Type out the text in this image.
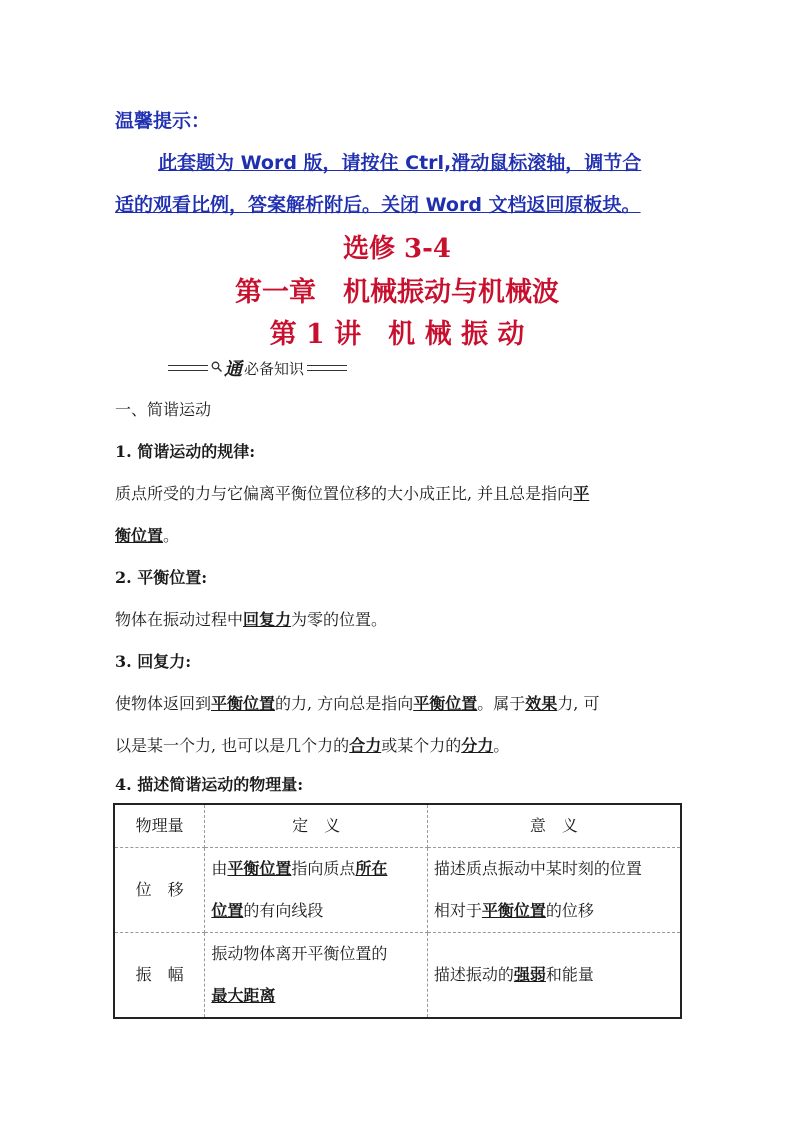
温馨提示：
此套题为 Word 版，请按住 Ctrl,滑动鼠标滚轴，调节合
适的观看比例，答案解析附后。关闭 Word 文档返回原板块。
选修 3-4
第一章　机械振动与机械波
第 1 讲　机 械 振 动
通 必备知识
一、简谐运动
1. 简谐运动的规律:
质点所受的力与它偏离平衡位置位移的大小成正比, 并且总是指向平
衡位置。
2. 平衡位置:
物体在振动过程中回复力为零的位置。
3. 回复力:
使物体返回到平衡位置的力, 方向总是指向平衡位置。属于效果力, 可
以是某一个力, 也可以是几个力的合力或某个力的分力。
4. 描述简谐运动的物理量:
物理量	定　义	意　义
位　移	由平衡位置指向质点所在
位置的有向线段	描述质点振动中某时刻的位置
相对于平衡位置的位移
振　幅	振动物体离开平衡位置的
最大距离	描述振动的强弱和能量
